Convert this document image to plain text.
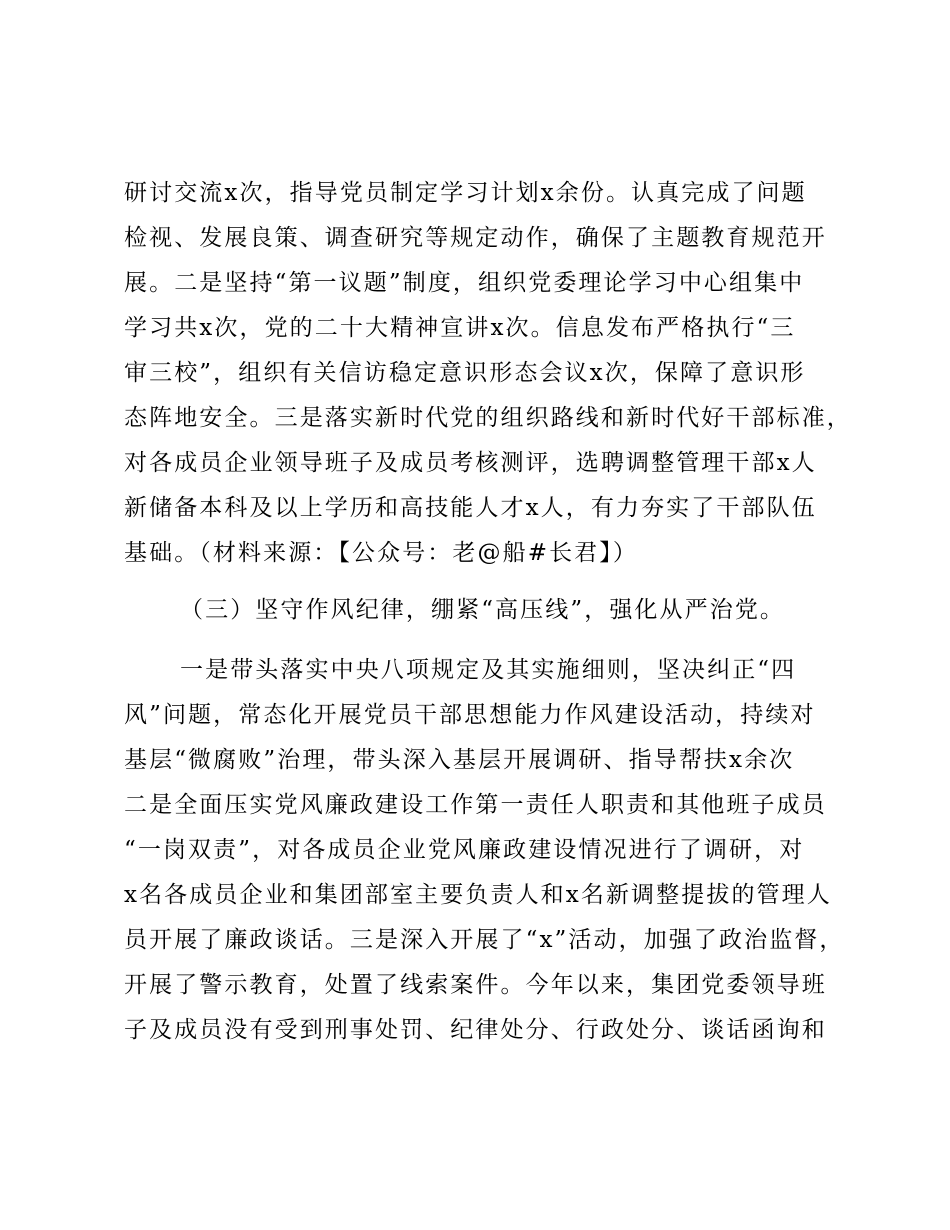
研讨交流x次，指导党员制定学习计划x余份。认真完成了问题
检视、发展良策、调查研究等规定动作，确保了主题教育规范开
展。二是坚持“第一议题”制度，组织党委理论学习中心组集中
学习共x次，党的二十大精神宣讲x次。信息发布严格执行“三
审三校”，组织有关信访稳定意识形态会议x次，保障了意识形
态阵地安全。三是落实新时代党的组织路线和新时代好干部标准，
对各成员企业领导班子及成员考核测评，选聘调整管理干部x人
新储备本科及以上学历和高技能人才x人，有力夯实了干部队伍
基础。（材料来源：【公众号：老@船#长君】）
（三）坚守作风纪律，绷紧“高压线”，强化从严治党。
一是带头落实中央八项规定及其实施细则，坚决纠正“四
风”问题，常态化开展党员干部思想能力作风建设活动，持续对
基层“微腐败”治理，带头深入基层开展调研、指导帮扶x余次
二是全面压实党风廉政建设工作第一责任人职责和其他班子成员
“一岗双责”，对各成员企业党风廉政建设情况进行了调研，对
x名各成员企业和集团部室主要负责人和x名新调整提拔的管理人
员开展了廉政谈话。三是深入开展了“x”活动，加强了政治监督，
开展了警示教育，处置了线索案件。今年以来，集团党委领导班
子及成员没有受到刑事处罚、纪律处分、行政处分、谈话函询和
